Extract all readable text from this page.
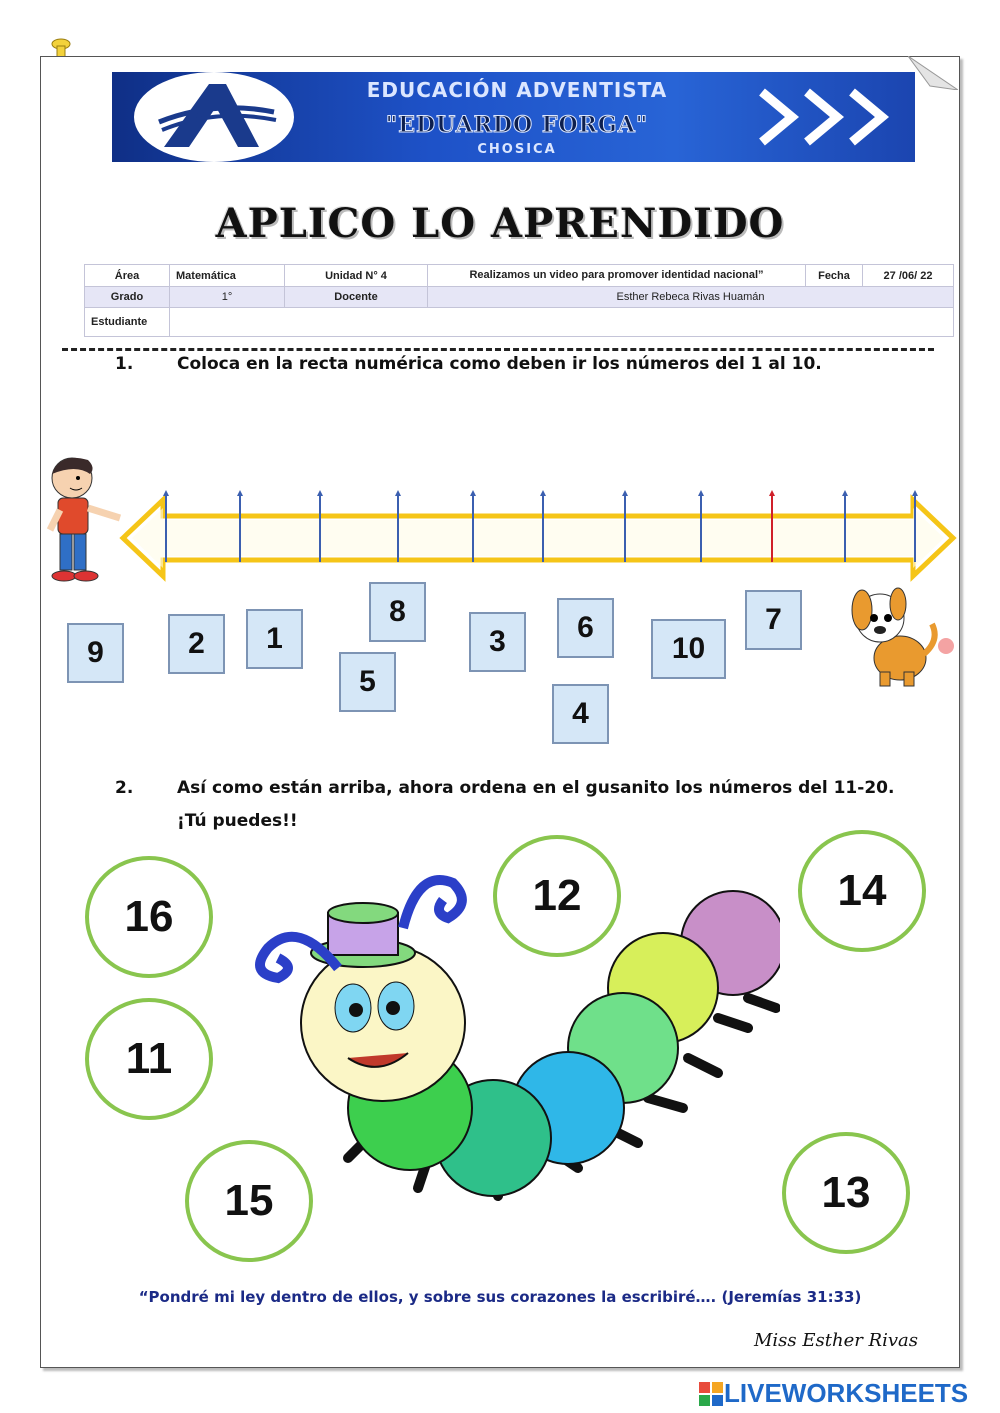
EDUCACIÓN ADVENTISTA
"EDUARDO FORGA"
CHOSICA
APLICO LO APRENDIDO
Área	Matemática	Unidad N° 4	Realizamos un video para promover identidad nacional”	Fecha	27 /06/ 22
Grado	1°	Docente	Esther Rebeca Rivas Huamán		
Estudiante					
1.	Coloca en la recta numérica como deben ir los números del 1 al 10.
9	2	1
8
5
3	6
4
10
7
2.	Así como están arriba, ahora ordena en el gusanito los números del 11-20.
¡Tú puedes!!
16	12	14
11
15	13
“Pondré mi ley dentro de ellos, y sobre sus corazones la escribiré…. (Jeremías 31:33)
Miss Esther Rivas
LIVEWORKSHEETS
